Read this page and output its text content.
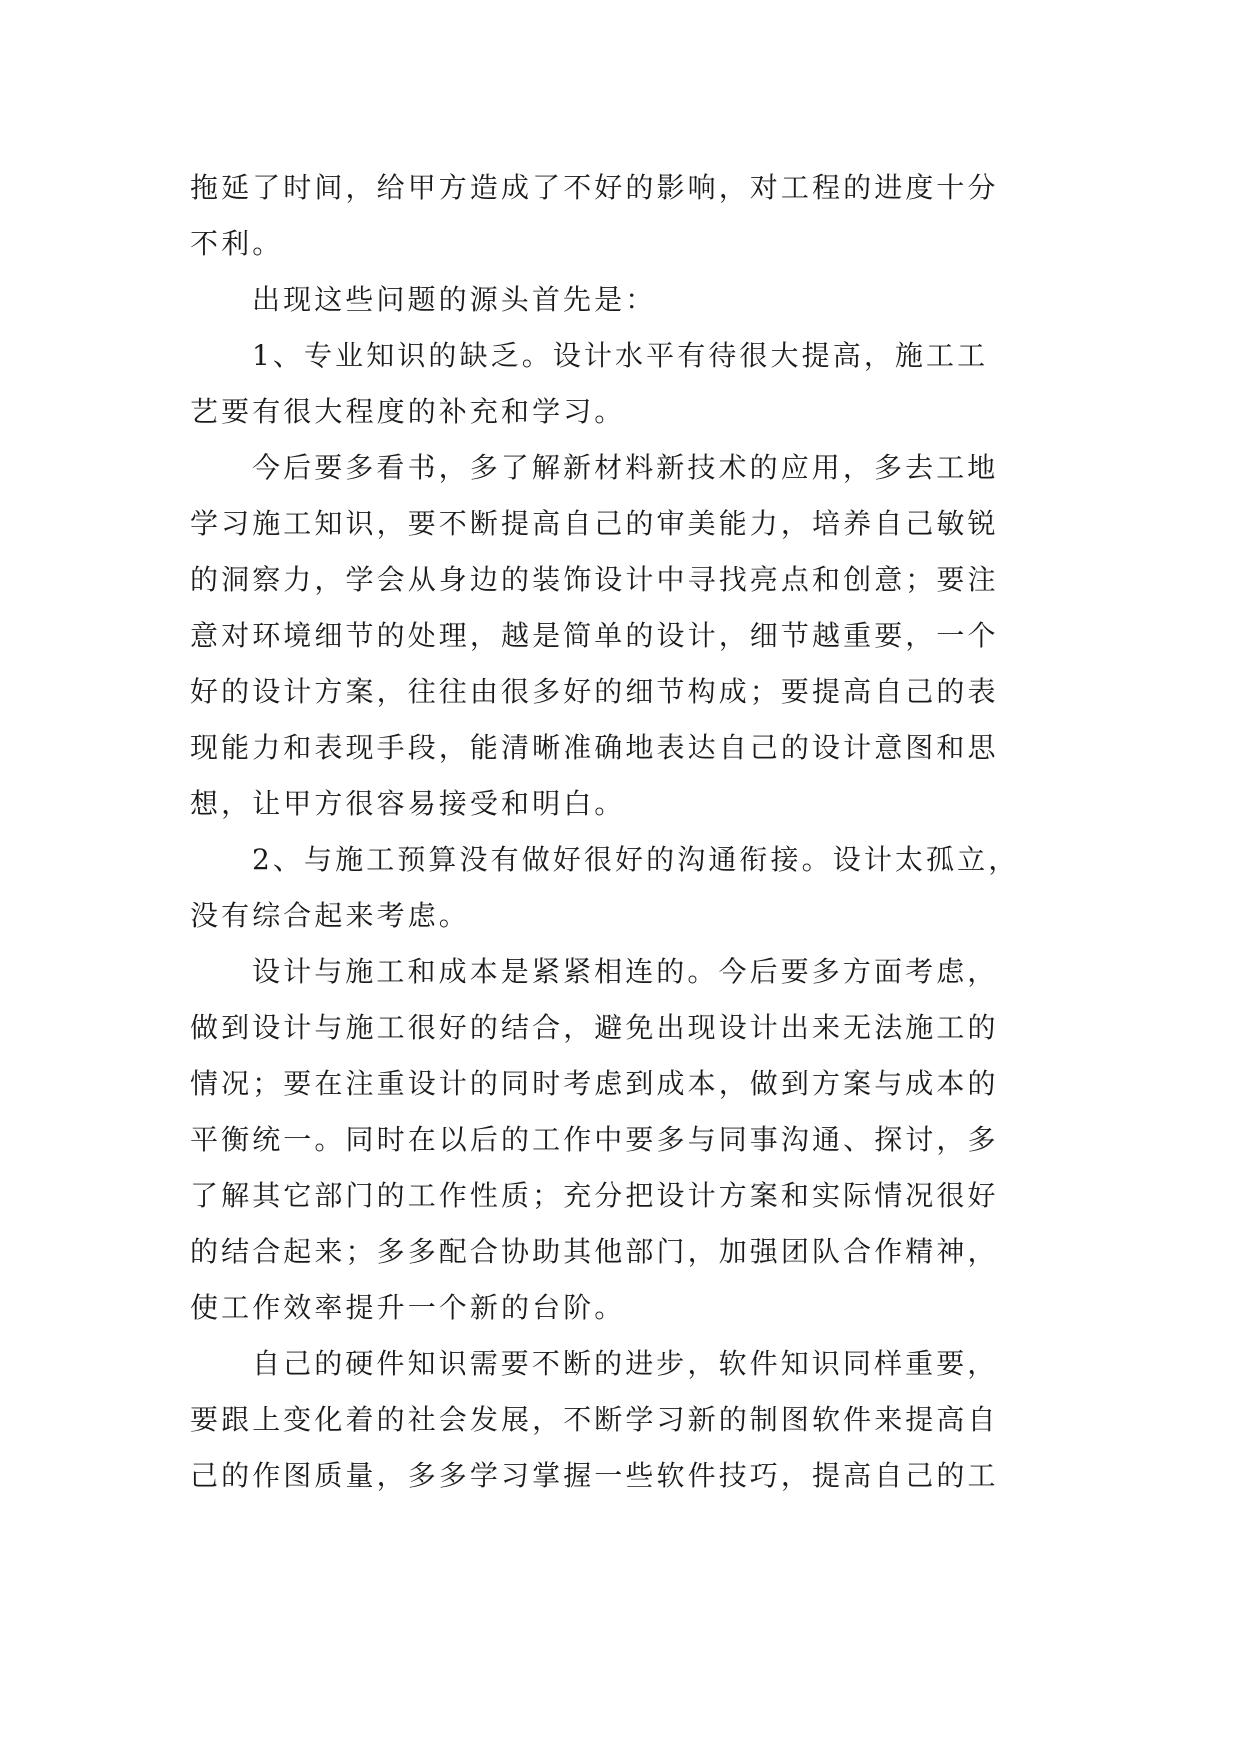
拖延了时间，给甲方造成了不好的影响，对工程的进度十分
不利。

出现这些问题的源头首先是：

1、专业知识的缺乏。设计水平有待很大提高，施工工
艺要有很大程度的补充和学习。

今后要多看书，多了解新材料新技术的应用，多去工地
学习施工知识，要不断提高自己的审美能力，培养自己敏锐
的洞察力，学会从身边的装饰设计中寻找亮点和创意；要注
意对环境细节的处理，越是简单的设计，细节越重要，一个
好的设计方案，往往由很多好的细节构成；要提高自己的表
现能力和表现手段，能清晰准确地表达自己的设计意图和思
想，让甲方很容易接受和明白。

2、与施工预算没有做好很好的沟通衔接。设计太孤立，
没有综合起来考虑。

设计与施工和成本是紧紧相连的。今后要多方面考虑，
做到设计与施工很好的结合，避免出现设计出来无法施工的
情况；要在注重设计的同时考虑到成本，做到方案与成本的
平衡统一。同时在以后的工作中要多与同事沟通、探讨，多
了解其它部门的工作性质；充分把设计方案和实际情况很好
的结合起来；多多配合协助其他部门，加强团队合作精神，
使工作效率提升一个新的台阶。

自己的硬件知识需要不断的进步，软件知识同样重要，
要跟上变化着的社会发展，不断学习新的制图软件来提高自
己的作图质量，多多学习掌握一些软件技巧，提高自己的工
